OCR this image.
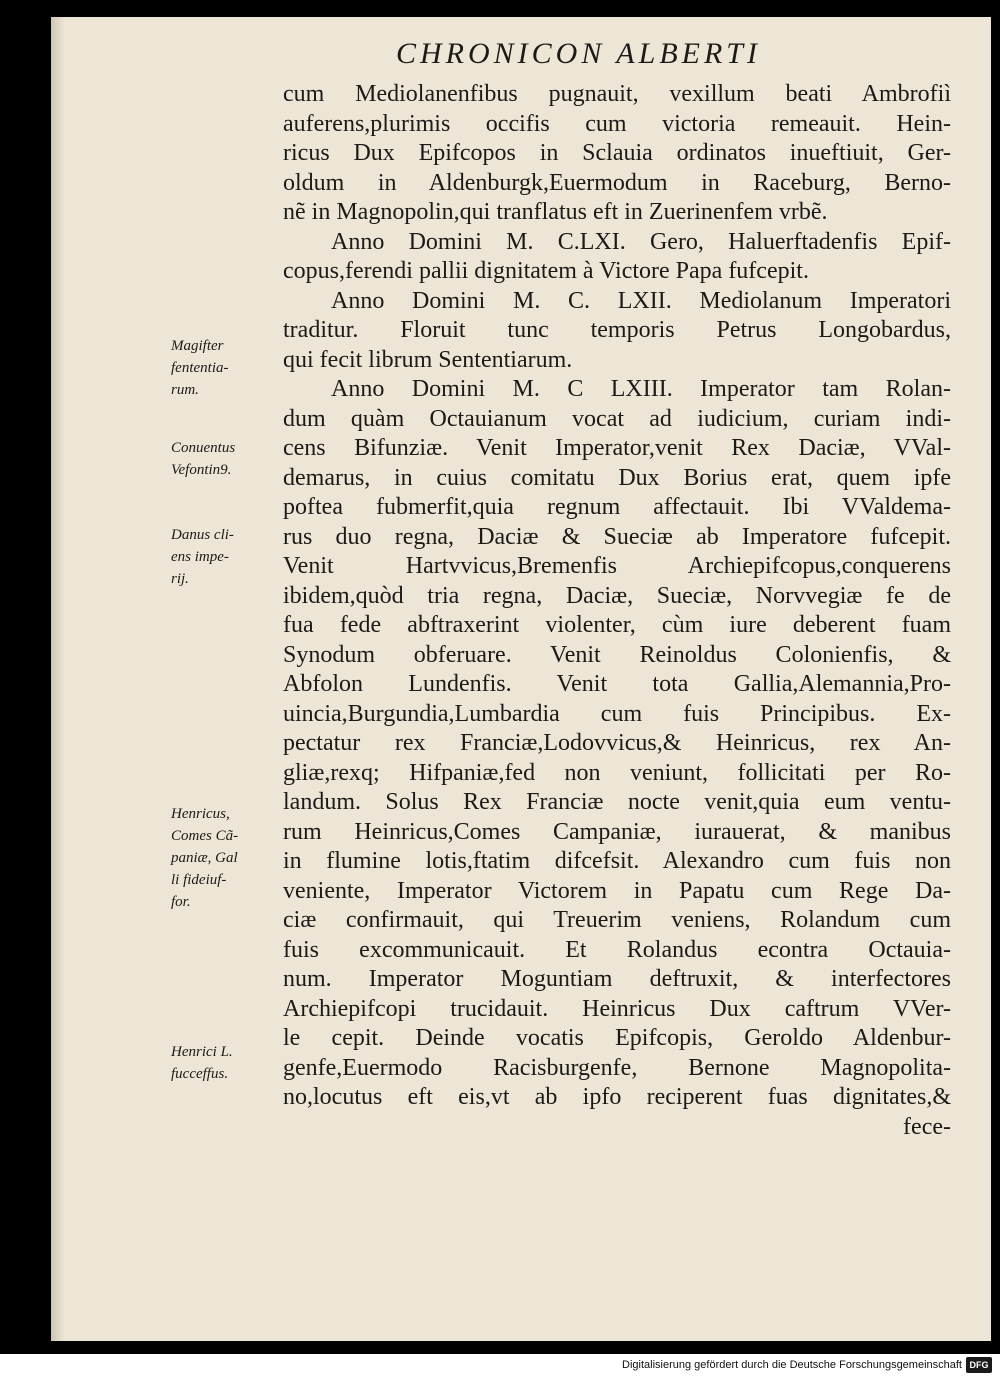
CHRONICON ALBERTI
cum Mediolanenfibus pugnauit, vexillum beati Ambrofiì
auferens,plurimis occifis cum victoria remeauit. Hein-
ricus Dux Epifcopos in Sclauia ordinatos inueftiuit, Ger-
oldum in Aldenburgk,Euermodum in Raceburg, Berno-
nẽ in Magnopolin,qui tranflatus eft in Zuerinenfem vrbẽ.
Anno Domini M. C.LXI. Gero, Haluerftadenfis Epif-
copus,ferendi pallii dignitatem à Victore Papa fufcepit.
Anno Domini M. C. LXII. Mediolanum Imperatori
traditur. Floruit tunc temporis Petrus Longobardus,
qui fecit librum Sententiarum.
Anno Domini M. C LXIII. Imperator tam Rolan-
dum quàm Octauianum vocat ad iudicium, curiam indi-
cens Bifunziæ. Venit Imperator,venit Rex Daciæ, VVal-
demarus, in cuius comitatu Dux Borius erat, quem ipfe
poftea fubmerfit,quia regnum affectauit. Ibi VValdema-
rus duo regna, Daciæ & Sueciæ ab Imperatore fufcepit.
Venit Hartvvicus,Bremenfis Archiepifcopus,conquerens
ibidem,quòd tria regna, Daciæ, Sueciæ, Norvvegiæ fe de
fua fede abftraxerint violenter, cùm iure deberent fuam
Synodum obferuare. Venit Reinoldus Colonienfis, &
Abfolon Lundenfis. Venit tota Gallia,Alemannia,Pro-
uincia,Burgundia,Lumbardia cum fuis Principibus. Ex-
pectatur rex Franciæ,Lodovvicus,& Heinricus, rex An-
gliæ,rexq; Hifpaniæ,fed non veniunt, follicitati per Ro-
landum. Solus Rex Franciæ nocte venit,quia eum ventu-
rum Heinricus,Comes Campaniæ, iurauerat, & manibus
in flumine lotis,ftatim difcefsit. Alexandro cum fuis non
veniente, Imperator Victorem in Papatu cum Rege Da-
ciæ confirmauit, qui Treuerim veniens, Rolandum cum
fuis excommunicauit. Et Rolandus econtra Octauia-
num. Imperator Moguntiam deftruxit, & interfectores
Archiepifcopi trucidauit. Heinricus Dux caftrum VVer-
le cepit. Deinde vocatis Epifcopis, Geroldo Aldenbur-
genfe,Euermodo Racisburgenfe, Bernone Magnopolita-
no,locutus eft eis,vt ab ipfo reciperent fuas dignitates,&
fece-
Magifter
fententia-
rum.
Conuentus
Vefontin9.
Danus cli-
ens impe-
rij.
Henricus,
Comes Cã-
paniæ, Gal
li fideiuf-
for.
Henrici L.
fucceffus.
Digitalisierung gefördert durch die Deutsche Forschungsgemeinschaft DFG
